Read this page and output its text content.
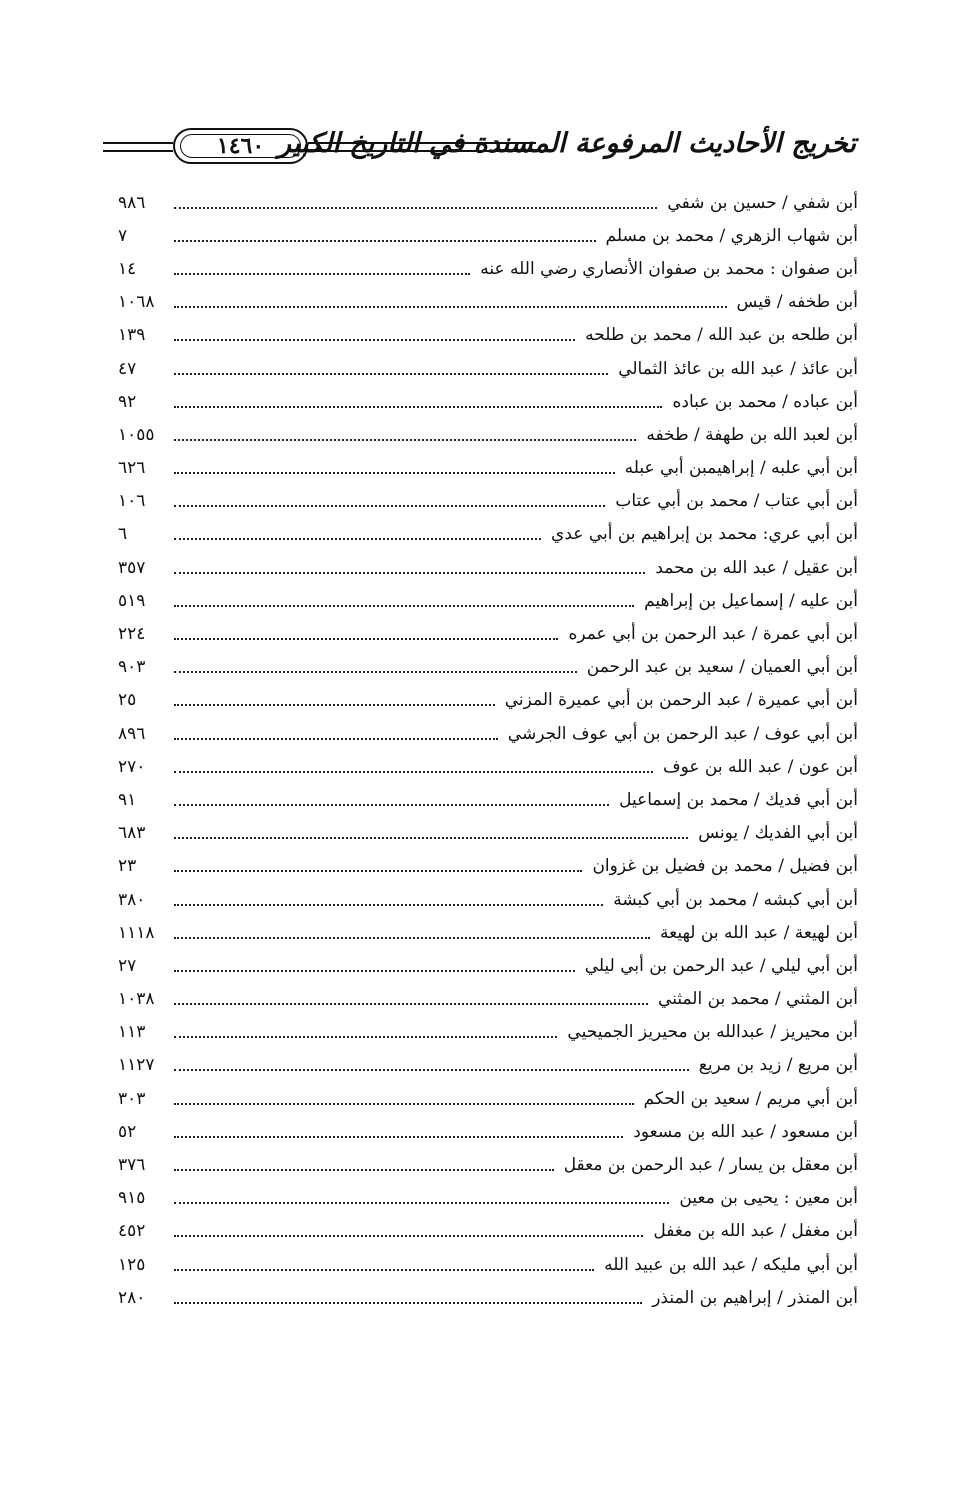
تخريج الأحاديث المرفوعة المسندة في التاريخ الكبير
١٤٦٠
٩٨٦	أبن شفي / حسين بن شفي
٧	أبن شهاب الزهري / محمد بن مسلم
١٤	أبن صفوان : محمد بن صفوان الأنصاري رضي الله عنه
١٠٦٨	أبن طخفه / قيس
١٣٩	أبن طلحه بن عبد الله / محمد بن طلحه
٤٧	أبن عائذ / عبد الله بن عائذ الثمالي
٩٢	أبن عباده / محمد بن عباده
١٠٥٥	أبن لعبد الله بن طهفة / طخفه
٦٢٦	أبن أبي علبه / إبراهيمبن أبي عبله
١٠٦	أبن أبي عتاب / محمد بن أبي عتاب
٦	أبن أبي عري: محمد بن إبراهيم بن أبي عدي
٣٥٧	أبن عقيل / عبد الله بن محمد
٥١٩	أبن عليه / إسماعيل بن إبراهيم
٢٢٤	أبن أبي عمرة / عبد الرحمن بن أبي عمره
٩٠٣	أبن أبي العميان / سعيد بن عبد الرحمن
٢٥	أبن أبي عميرة / عبد الرحمن بن أبي عميرة المزني
٨٩٦	أبن أبي عوف / عبد الرحمن بن أبي عوف الجرشي
٢٧٠	أبن عون / عبد الله بن عوف
٩١	أبن أبي فديك / محمد بن إسماعيل
٦٨٣	أبن أبي الفديك / يونس
٢٣	أبن فضيل / محمد بن فضيل بن غزوان
٣٨٠	أبن أبي كبشه / محمد بن أبي كبشة
١١١٨	أبن لهيعة / عبد الله بن لهيعة
٢٧	أبن أبي ليلي / عبد الرحمن بن أبي ليلي
١٠٣٨	أبن المثني / محمد بن المثني
١١٣	أبن محيريز / عبدالله بن محيريز الجميحيي
١١٢٧	أبن مريع / زيد بن مريع
٣٠٣	أبن أبي مريم / سعيد بن الحكم
٥٢	أبن مسعود / عبد الله بن مسعود
٣٧٦	أبن معقل بن يسار / عبد الرحمن بن معقل
٩١٥	أبن معين : يحيى بن معين
٤٥٢	أبن مغفل / عبد الله بن مغفل
١٢٥	أبن أبي مليكه / عبد الله بن عبيد الله
٢٨٠	أبن المنذر / إبراهيم بن المنذر
